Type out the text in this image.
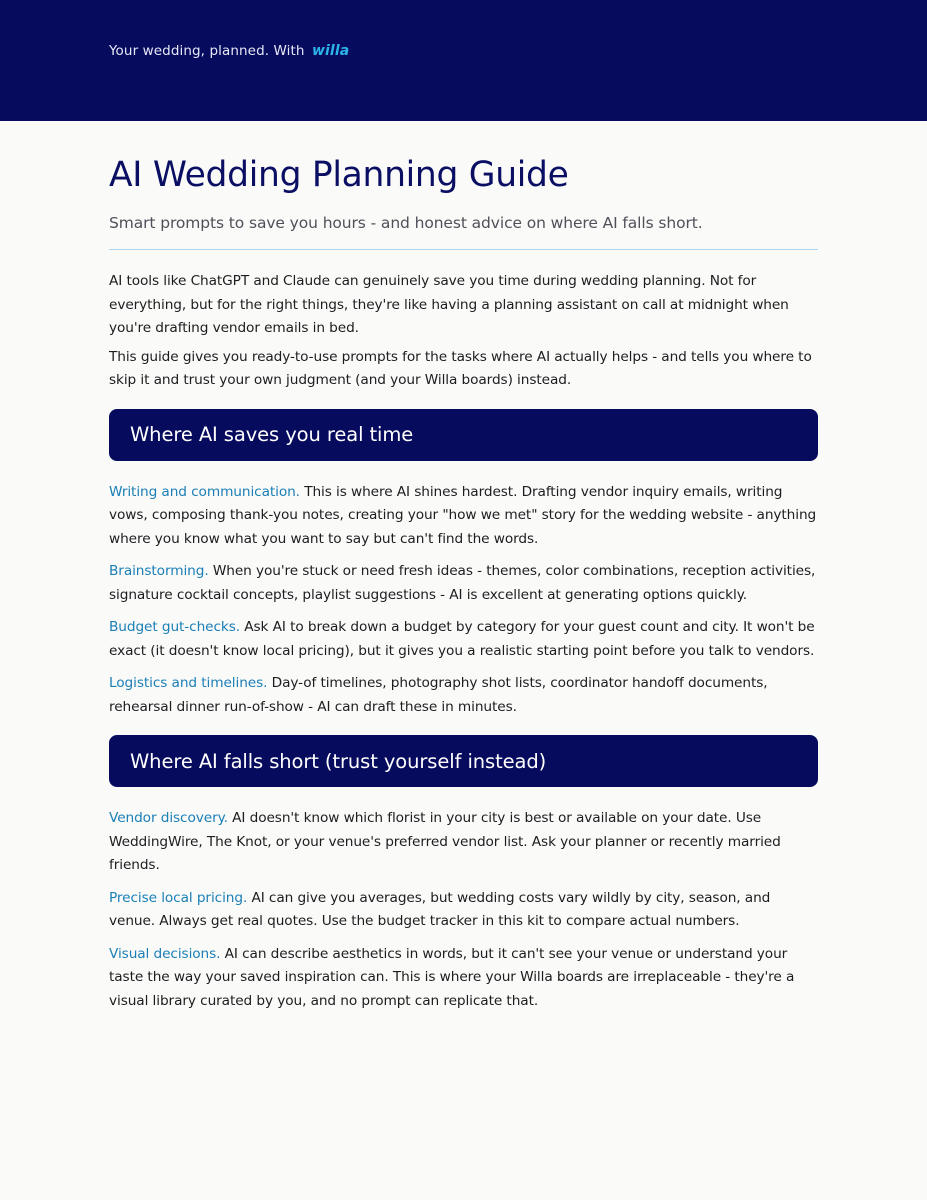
Your wedding, planned. With willa
AI Wedding Planning Guide
Smart prompts to save you hours - and honest advice on where AI falls short.

AI tools like ChatGPT and Claude can genuinely save you time during wedding planning. Not for everything, but for the right things, they're like having a planning assistant on call at midnight when you're drafting vendor emails in bed.

This guide gives you ready-to-use prompts for the tasks where AI actually helps - and tells you where to skip it and trust your own judgment (and your Willa boards) instead.

Where AI saves you real time

Writing and communication. This is where AI shines hardest. Drafting vendor inquiry emails, writing vows, composing thank-you notes, creating your "how we met" story for the wedding website - anything where you know what you want to say but can't find the words.

Brainstorming. When you're stuck or need fresh ideas - themes, color combinations, reception activities, signature cocktail concepts, playlist suggestions - AI is excellent at generating options quickly.

Budget gut-checks. Ask AI to break down a budget by category for your guest count and city. It won't be exact (it doesn't know local pricing), but it gives you a realistic starting point before you talk to vendors.

Logistics and timelines. Day-of timelines, photography shot lists, coordinator handoff documents, rehearsal dinner run-of-show - AI can draft these in minutes.

Where AI falls short (trust yourself instead)

Vendor discovery. AI doesn't know which florist in your city is best or available on your date. Use WeddingWire, The Knot, or your venue's preferred vendor list. Ask your planner or recently married friends.

Precise local pricing. AI can give you averages, but wedding costs vary wildly by city, season, and venue. Always get real quotes. Use the budget tracker in this kit to compare actual numbers.

Visual decisions. AI can describe aesthetics in words, but it can't see your venue or understand your taste the way your saved inspiration can. This is where your Willa boards are irreplaceable - they're a visual library curated by you, and no prompt can replicate that.
